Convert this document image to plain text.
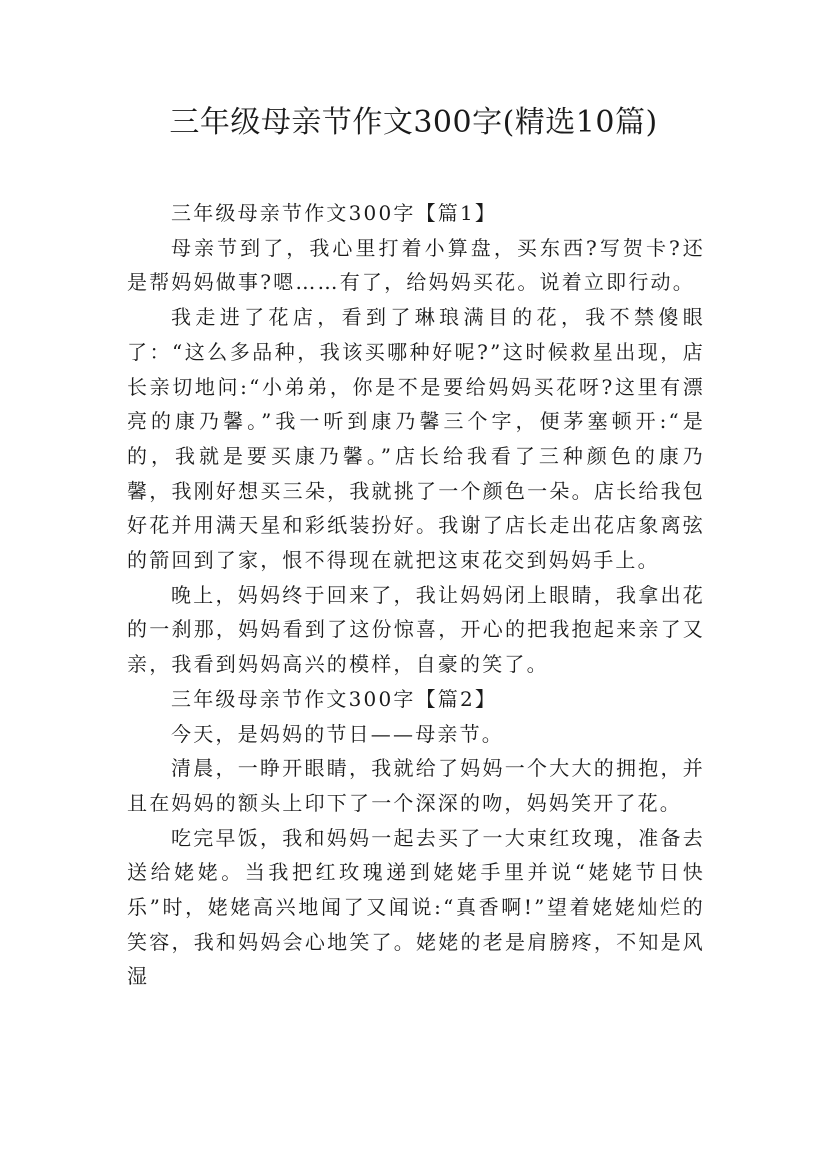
三年级母亲节作文300字(精选10篇)

三年级母亲节作文300字【篇1】

母亲节到了，我心里打着小算盘，买东西?写贺卡?还是帮妈妈做事?嗯……有了，给妈妈买花。说着立即行动。

我走进了花店，看到了琳琅满目的花，我不禁傻眼了：“这么多品种，我该买哪种好呢?”这时候救星出现，店长亲切地问:“小弟弟，你是不是要给妈妈买花呀?这里有漂亮的康乃馨。”我一听到康乃馨三个字，便茅塞顿开:“是的，我就是要买康乃馨。”店长给我看了三种颜色的康乃馨，我刚好想买三朵，我就挑了一个颜色一朵。店长给我包好花并用满天星和彩纸装扮好。我谢了店长走出花店象离弦的箭回到了家，恨不得现在就把这束花交到妈妈手上。

晚上，妈妈终于回来了，我让妈妈闭上眼睛，我拿出花的一刹那，妈妈看到了这份惊喜，开心的把我抱起来亲了又亲，我看到妈妈高兴的模样，自豪的笑了。

三年级母亲节作文300字【篇2】

今天，是妈妈的节日——母亲节。

清晨，一睁开眼睛，我就给了妈妈一个大大的拥抱，并且在妈妈的额头上印下了一个深深的吻，妈妈笑开了花。

吃完早饭，我和妈妈一起去买了一大束红玫瑰，准备去送给姥姥。当我把红玫瑰递到姥姥手里并说“姥姥节日快乐”时，姥姥高兴地闻了又闻说:“真香啊!”望着姥姥灿烂的笑容，我和妈妈会心地笑了。姥姥的老是肩膀疼，不知是风湿
